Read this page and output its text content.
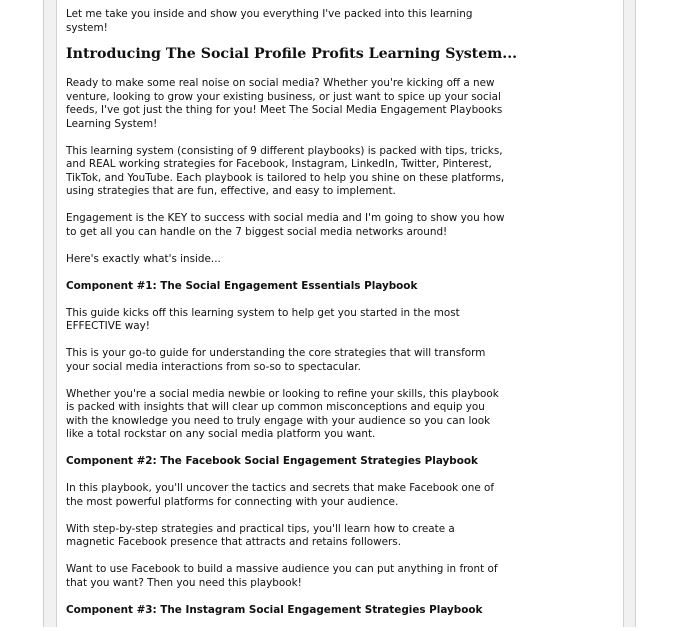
Let me take you inside and show you everything I've packed into this learning system!

Introducing The Social Profile Profits Learning System...

Ready to make some real noise on social media? Whether you're kicking off a new venture, looking to grow your existing business, or just want to spice up your social feeds, I've got just the thing for you! Meet The Social Media Engagement Playbooks Learning System!

This learning system (consisting of 9 different playbooks) is packed with tips, tricks, and REAL working strategies for Facebook, Instagram, LinkedIn, Twitter, Pinterest, TikTok, and YouTube. Each playbook is tailored to help you shine on these platforms, using strategies that are fun, effective, and easy to implement.

Engagement is the KEY to success with social media and I'm going to show you how to get all you can handle on the 7 biggest social media networks around!

Here's exactly what's inside...

Component #1: The Social Engagement Essentials Playbook

This guide kicks off this learning system to help get you started in the most EFFECTIVE way!

This is your go-to guide for understanding the core strategies that will transform your social media interactions from so-so to spectacular.

Whether you're a social media newbie or looking to refine your skills, this playbook is packed with insights that will clear up common misconceptions and equip you with the knowledge you need to truly engage with your audience so you can look like a total rockstar on any social media platform you want.

Component #2: The Facebook Social Engagement Strategies Playbook

In this playbook, you'll uncover the tactics and secrets that make Facebook one of the most powerful platforms for connecting with your audience.

With step-by-step strategies and practical tips, you'll learn how to create a magnetic Facebook presence that attracts and retains followers.

Want to use Facebook to build a massive audience you can put anything in front of that you want? Then you need this playbook!

Component #3: The Instagram Social Engagement Strategies Playbook
